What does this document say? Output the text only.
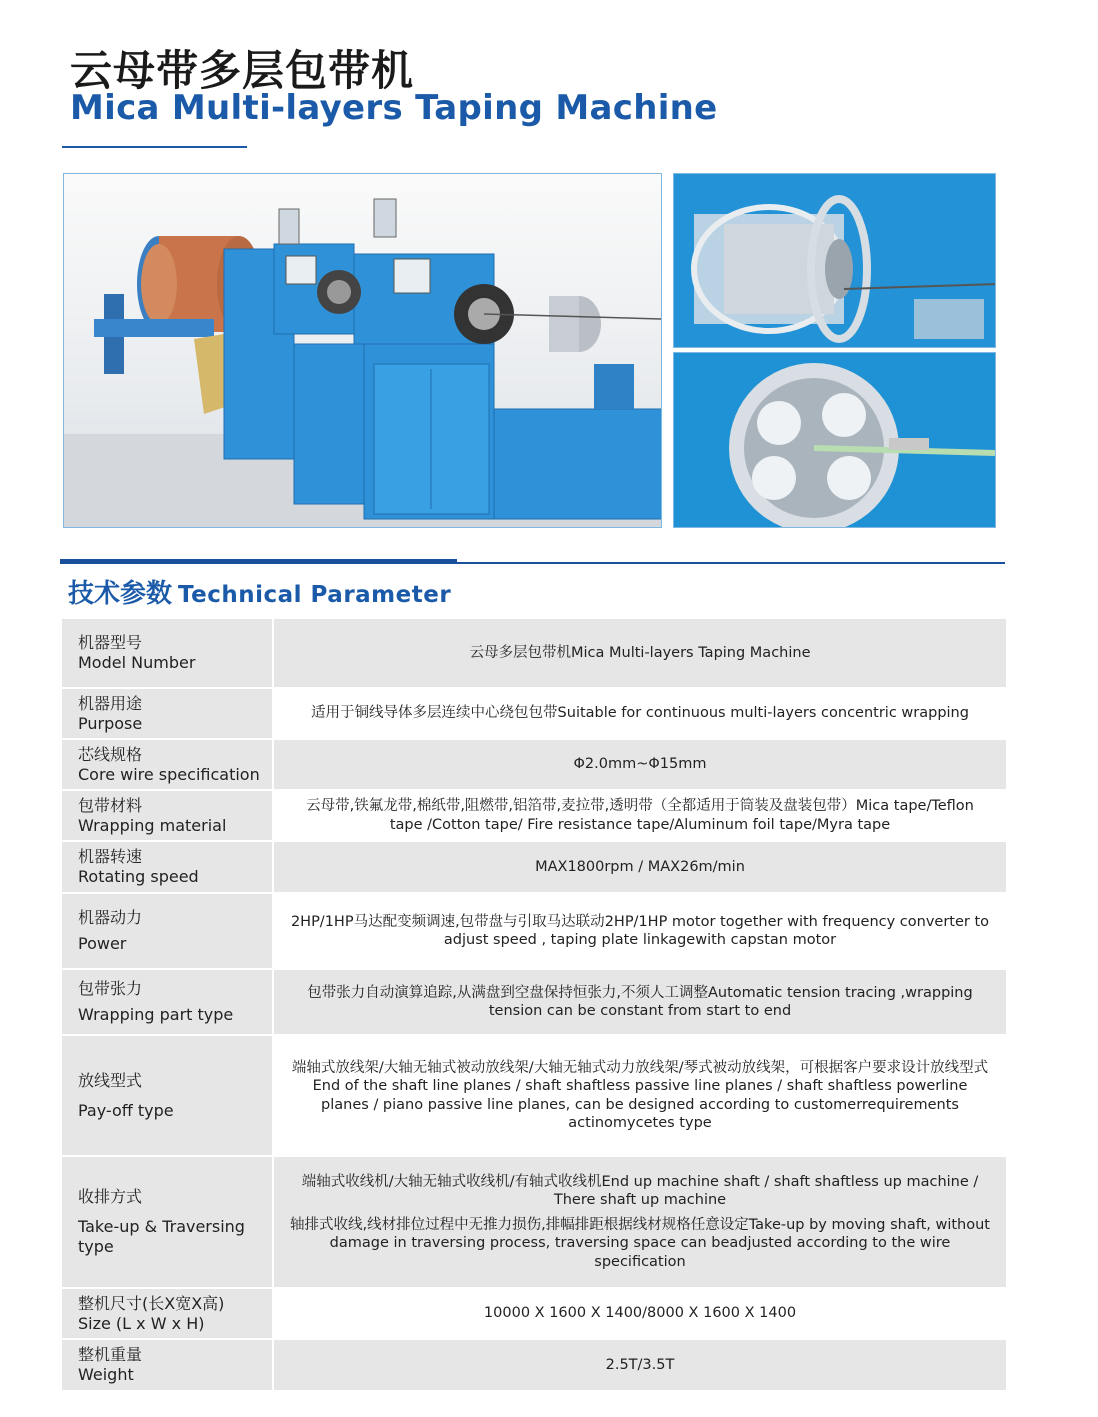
云母带多层包带机
Mica Multi-layers Taping Machine
技术参数 Technical Parameter
机器型号
Model Number	云母多层包带机Mica Multi-layers Taping Machine
机器用途
Purpose	适用于铜线导体多层连续中心绕包包带Suitable for continuous multi-layers concentric wrapping
芯线规格
Core wire specification	Φ2.0mm~Φ15mm
包带材料
Wrapping material	云母带,铁氟龙带,棉纸带,阻燃带,铝箔带,麦拉带,透明带（全都适用于筒装及盘装包带）Mica tape/Teflon tape /Cotton tape/ Fire resistance tape/Aluminum foil tape/Myra tape
机器转速
Rotating speed	MAX1800rpm / MAX26m/min
机器动力
Power	2HP/1HP马达配变频调速,包带盘与引取马达联动2HP/1HP motor together with frequency converter to adjust speed , taping plate linkagewith capstan motor
包带张力
Wrapping part type	包带张力自动演算追踪,从满盘到空盘保持恒张力,不须人工调整Automatic tension tracing ,wrapping tension can be constant from start to end
放线型式
Pay-off type	端轴式放线架/大轴无轴式被动放线架/大轴无轴式动力放线架/琴式被动放线架，可根据客户要求设计放线型式End of the shaft line planes / shaft shaftless passive line planes / shaft shaftless powerline planes / piano passive line planes, can be designed according to customerrequirements actinomycetes type
收排方式
Take-up & Traversing type	端轴式收线机/大轴无轴式收线机/有轴式收线机End up machine shaft / shaft shaftless up machine / There shaft up machine
轴排式收线,线材排位过程中无推力损伤,排幅排距根据线材规格任意设定Take-up by moving shaft, without damage in traversing process, traversing space can beadjusted according to the wire specification
整机尺寸(长X宽X高)
Size (L x W x H)	10000 X 1600 X 1400/8000 X 1600 X 1400
整机重量
Weight	2.5T/3.5T
